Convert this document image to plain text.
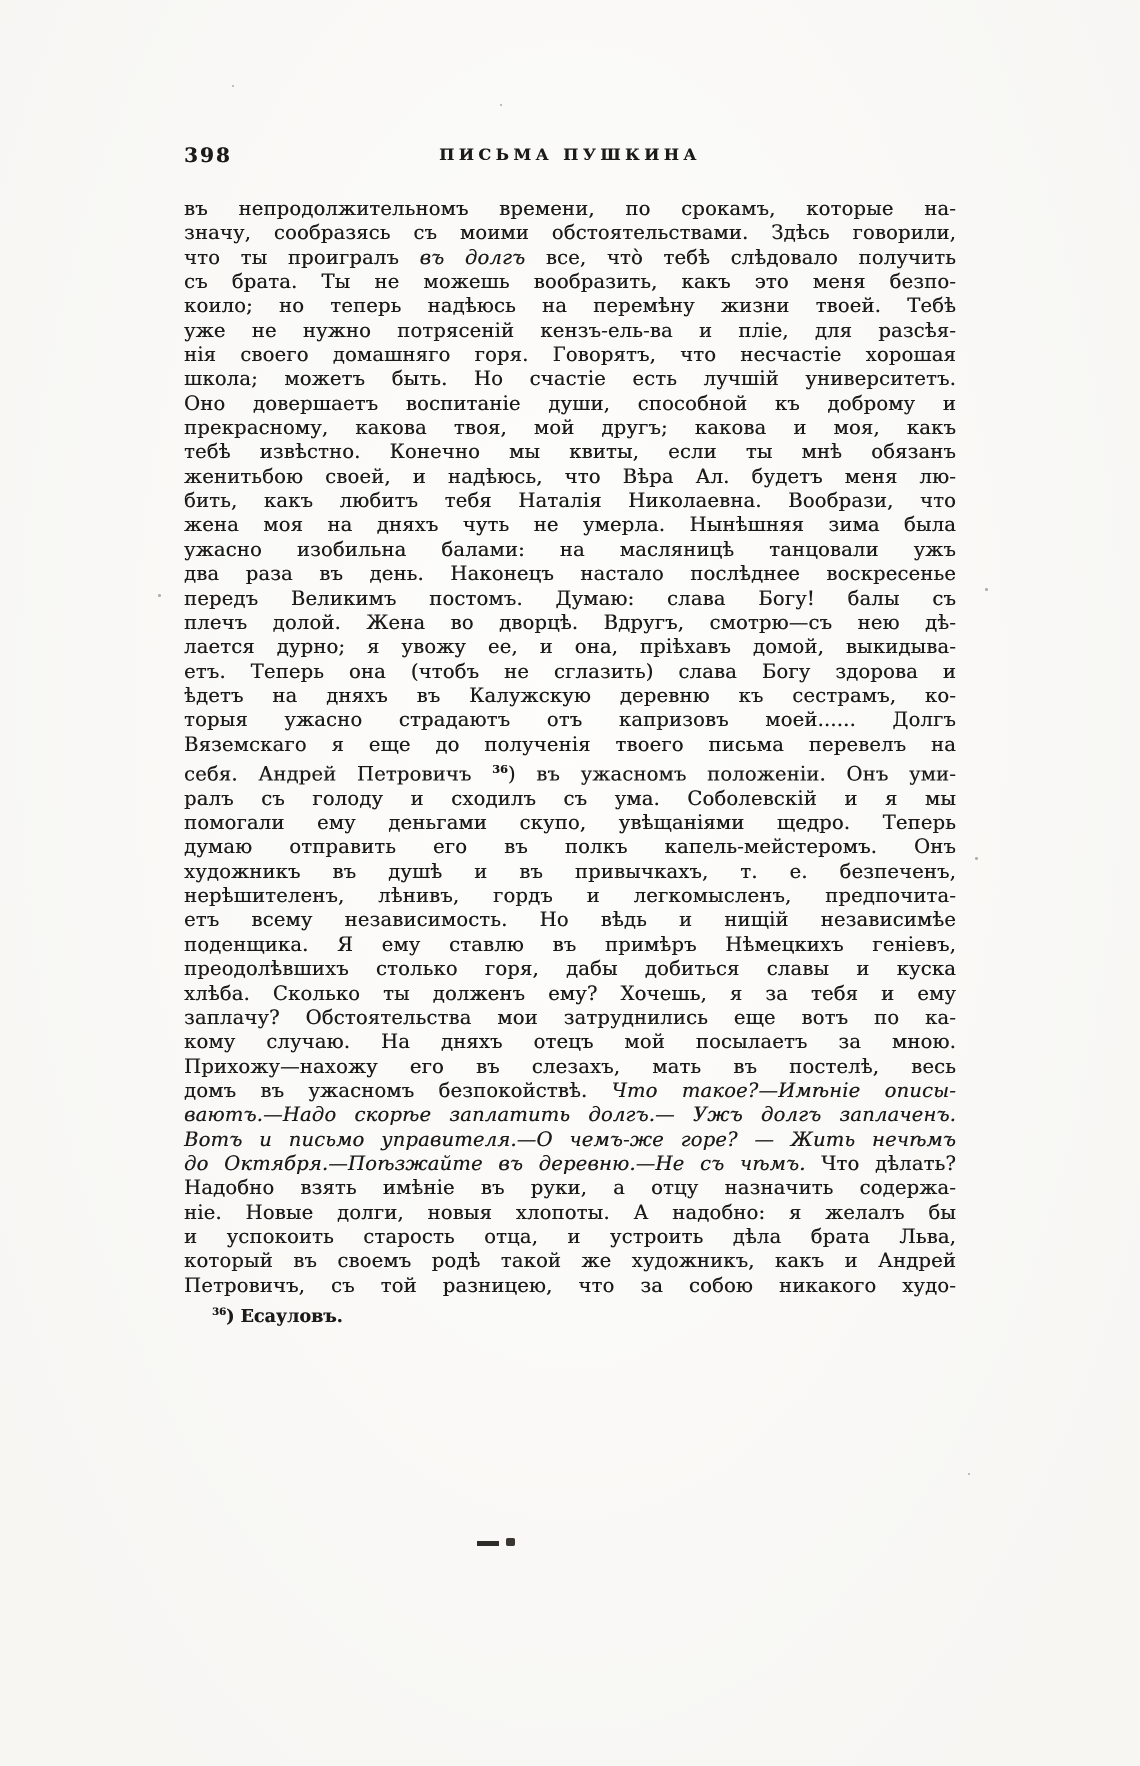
398	ПИСЬМА ПУШКИНА
въ непродолжительномъ времени, по срокамъ, которые на-
значу, сообразясь съ моими обстоятельствами. Здѣсь говорили,
что ты проигралъ въ долгъ все, что̀ тебѣ слѣдовало получить
съ брата. Ты не можешь вообразить, какъ это меня безпо-
коило; но теперь надѣюсь на перемѣну жизни твоей. Тебѣ
уже не нужно потрясеній кензъ-ель-ва и пліе, для разсѣя-
нія своего домашняго горя. Говорятъ, что несчастіе хорошая
школа; можетъ быть. Но счастіе есть лучшій университетъ.
Оно довершаетъ воспитаніе души, способной къ доброму и
прекрасному, какова твоя, мой другъ; какова и моя, какъ
тебѣ извѣстно. Конечно мы квиты, если ты мнѣ обязанъ
женитьбою своей, и надѣюсь, что Вѣра Ал. будетъ меня лю-
бить, какъ любитъ тебя Наталія Николаевна. Вообрази, что
жена моя на дняхъ чуть не умерла. Нынѣшняя зима была
ужасно изобильна балами: на масляницѣ танцовали ужъ
два раза въ день. Наконецъ настало послѣднее воскресенье
передъ Великимъ постомъ. Думаю: слава Богу! балы съ
плечъ долой. Жена во дворцѣ. Вдругъ, смотрю—съ нею дѣ-
лается дурно; я увожу ее, и она, пріѣхавъ домой, выкидыва-
етъ. Теперь она (чтобъ не сглазить) слава Богу здорова и
ѣдетъ на дняхъ въ Калужскую деревню къ сестрамъ, ко-
торыя ужасно страдаютъ отъ капризовъ моей...... Долгъ
Вяземскаго я еще до полученія твоего письма перевелъ на
себя. Андрей Петровичъ $^{36}$) въ ужасномъ положеніи. Онъ уми-
ралъ съ голоду и сходилъ съ ума. Соболевскій и я мы
помогали ему деньгами скупо, увѣщаніями щедро. Теперь
думаю отправить его въ полкъ капель-мейстеромъ. Онъ
художникъ въ душѣ и въ привычкахъ, т. е. безпеченъ,
нерѣшителенъ, лѣнивъ, гордъ и легкомысленъ, предпочита-
етъ всему независимость. Но вѣдь и нищій независимѣе
поденщика. Я ему ставлю въ примѣръ Нѣмецкихъ геніевъ,
преодолѣвшихъ столько горя, дабы добиться славы и куска
хлѣба. Сколько ты долженъ ему? Хочешь, я за тебя и ему
заплачу? Обстоятельства мои затруднились еще вотъ по ка-
кому случаю. На дняхъ отецъ мой посылаетъ за мною.
Прихожу—нахожу его въ слезахъ, мать въ постелѣ, весь
домъ въ ужасномъ безпокойствѣ. Что такое?—Имѣніе описы-
ваютъ.—Надо скорѣе заплатить долгъ.— Ужъ долгъ заплаченъ.
Вотъ и письмо управителя.—О чемъ-же горе? — Жить нечѣмъ
до Октября.—Поѣзжайте въ деревню.—Не съ чѣмъ. Что дѣлать?
Надобно взять имѣніе въ руки, а отцу назначить содержа-
ніе. Новые долги, новыя хлопоты. А надобно: я желалъ бы
и успокоить старость отца, и устроить дѣла брата Льва,
который въ своемъ родѣ такой же художникъ, какъ и Андрей
Петровичъ, съ той разницею, что за собою никакого худо-
$^{36}$) Есауловъ.
